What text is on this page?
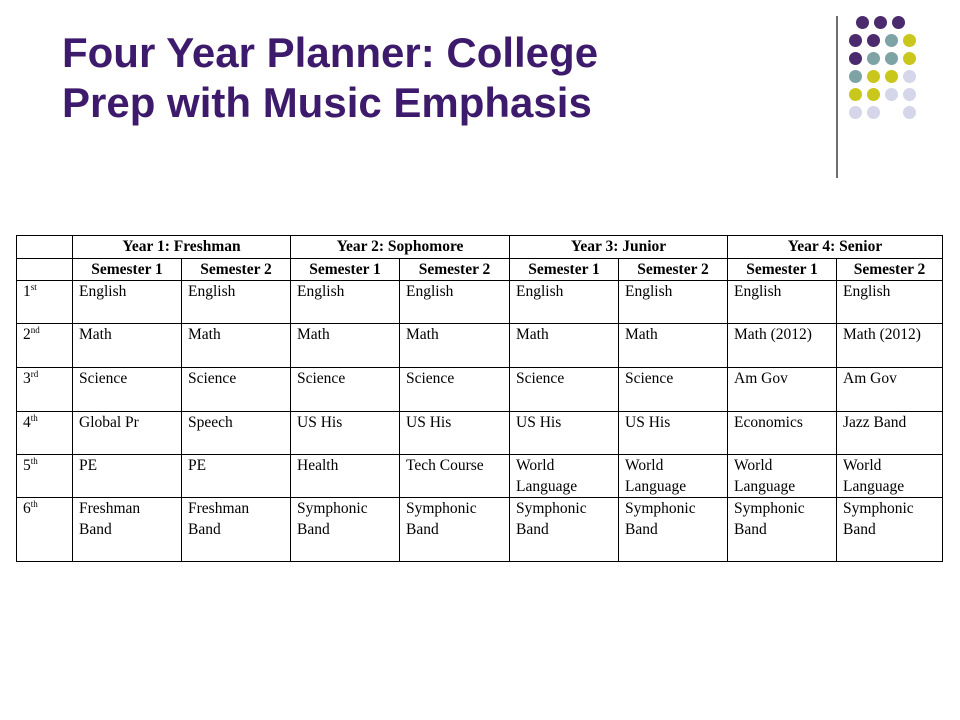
Four Year Planner: College
Prep with Music Emphasis
	Year 1: Freshman		Year 2: Sophomore		Year 3: Junior		Year 4: Senior	
	Semester 1	Semester 2	Semester 1	Semester 2	Semester 1	Semester 2	Semester 1	Semester 2
1st	English	English	English	English	English	English	English	English
2nd	Math	Math	Math	Math	Math	Math	Math (2012)	Math (2012)
3rd	Science	Science	Science	Science	Science	Science	Am Gov	Am Gov
4th	Global Pr	Speech	US His	US His	US His	US His	Economics	Jazz Band
5th	PE	PE	Health	Tech Course	World Language	World Language	World Language	World Language
6th	Freshman Band	Freshman Band	Symphonic Band	Symphonic Band	Symphonic Band	Symphonic Band	Symphonic Band	Symphonic Band
